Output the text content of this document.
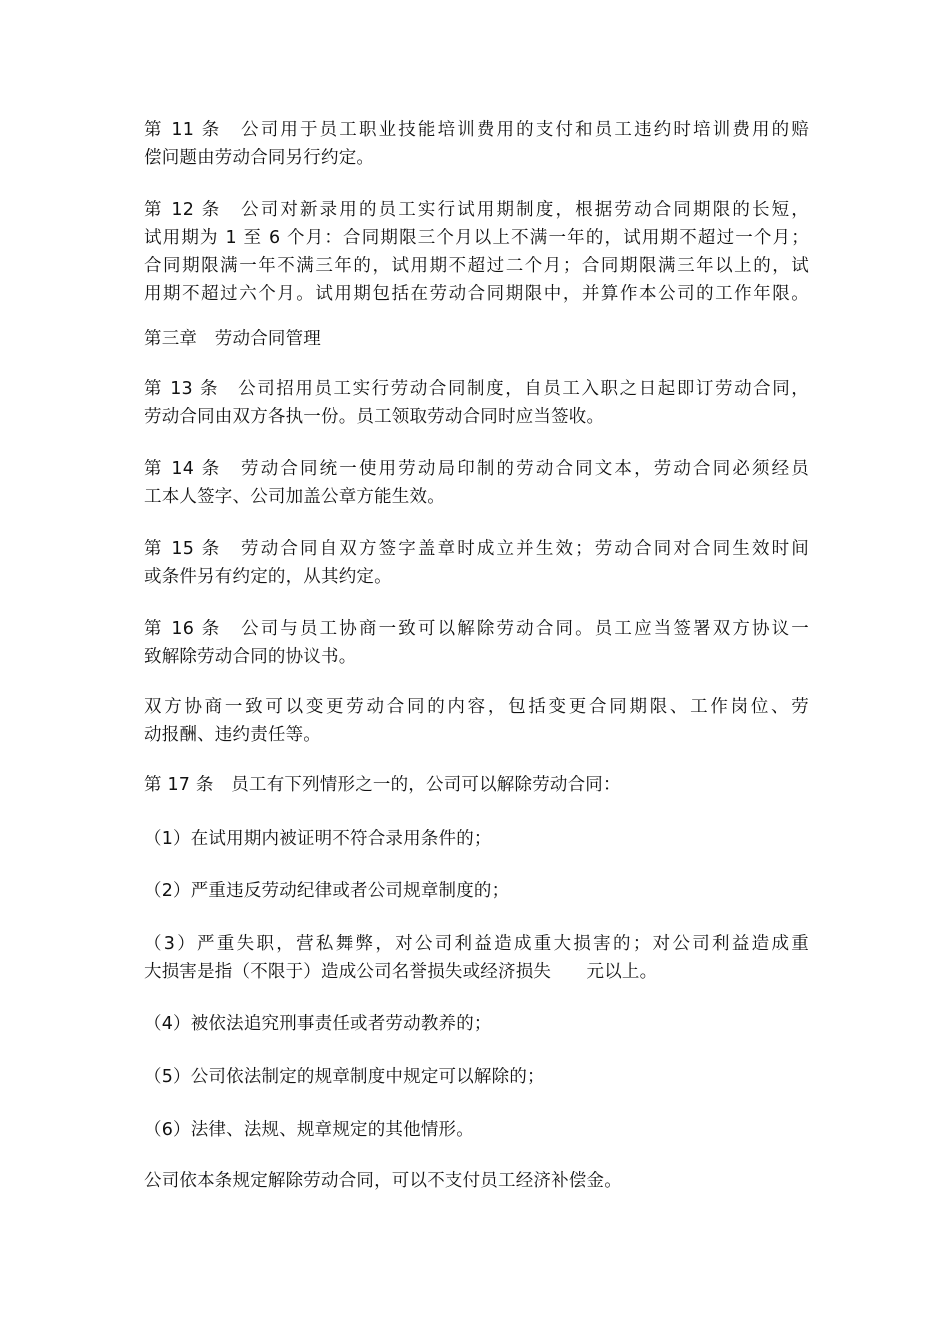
第 11 条　公司用于员工职业技能培训费用的支付和员工违约时培训费用的赔
偿问题由劳动合同另行约定。

第 12 条　公司对新录用的员工实行试用期制度，根据劳动合同期限的长短，
试用期为 1 至 6 个月：合同期限三个月以上不满一年的，试用期不超过一个月；
合同期限满一年不满三年的，试用期不超过二个月；合同期限满三年以上的，试
用期不超过六个月。试用期包括在劳动合同期限中，并算作本公司的工作年限。

第三章　劳动合同管理

第 13 条　公司招用员工实行劳动合同制度，自员工入职之日起即订劳动合同，
劳动合同由双方各执一份。员工领取劳动合同时应当签收。

第 14 条　劳动合同统一使用劳动局印制的劳动合同文本，劳动合同必须经员
工本人签字、公司加盖公章方能生效。

第 15 条　劳动合同自双方签字盖章时成立并生效；劳动合同对合同生效时间
或条件另有约定的，从其约定。

第 16 条　公司与员工协商一致可以解除劳动合同。员工应当签署双方协议一
致解除劳动合同的协议书。

双方协商一致可以变更劳动合同的内容，包括变更合同期限、工作岗位、劳
动报酬、违约责任等。

第 17 条　员工有下列情形之一的，公司可以解除劳动合同：

（1）在试用期内被证明不符合录用条件的；

（2）严重违反劳动纪律或者公司规章制度的；

（3）严重失职，营私舞弊，对公司利益造成重大损害的；对公司利益造成重
大损害是指（不限于）造成公司名誉损失或经济损失　　元以上。

（4）被依法追究刑事责任或者劳动教养的；

（5）公司依法制定的规章制度中规定可以解除的；

（6）法律、法规、规章规定的其他情形。

公司依本条规定解除劳动合同，可以不支付员工经济补偿金。
